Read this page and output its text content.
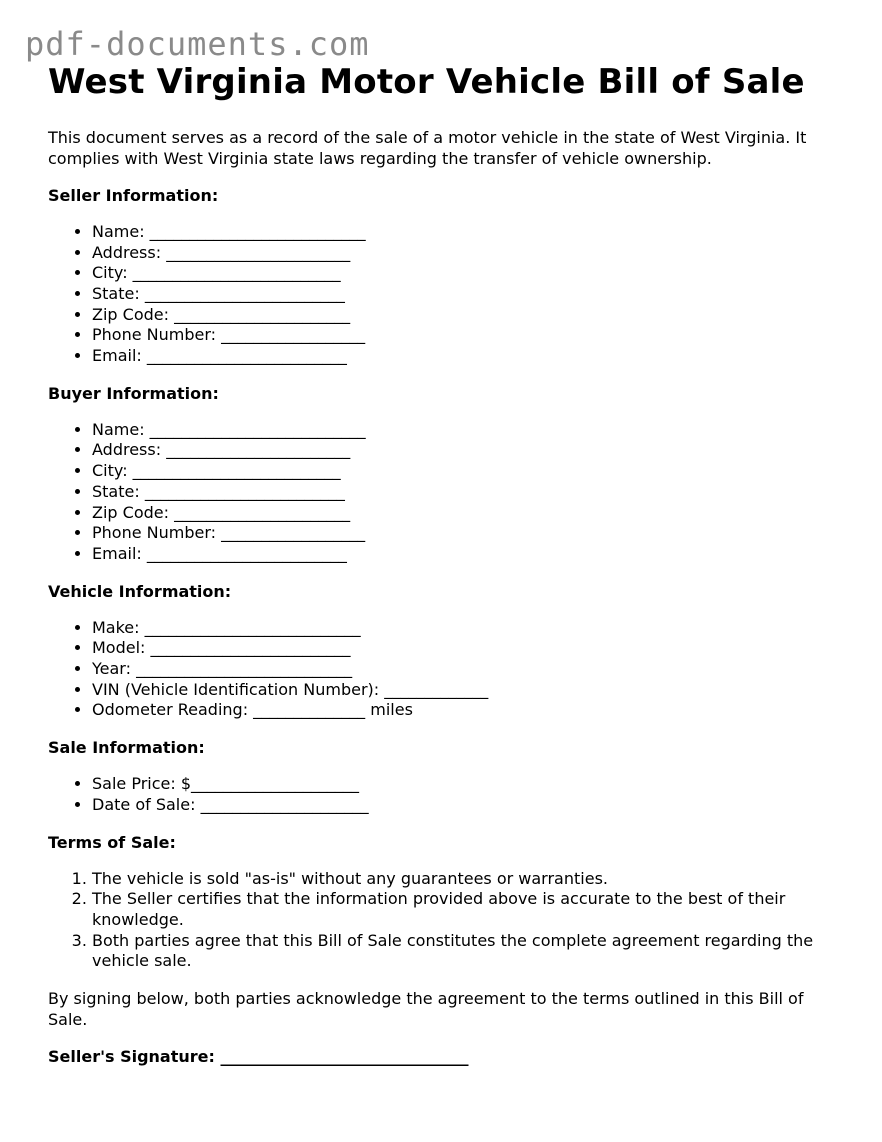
pdf-documents.com
West Virginia Motor Vehicle Bill of Sale

This document serves as a record of the sale of a motor vehicle in the state of West Virginia. It complies with West Virginia state laws regarding the transfer of vehicle ownership.

Seller Information:
• Name: ___________________________
• Address: _______________________
• City: __________________________
• State: _________________________
• Zip Code: ______________________
• Phone Number: __________________
• Email: _________________________
Buyer Information:
• Name: ___________________________
• Address: _______________________
• City: __________________________
• State: _________________________
• Zip Code: ______________________
• Phone Number: __________________
• Email: _________________________
Vehicle Information:
• Make: ___________________________
• Model: _________________________
• Year: ___________________________
• VIN (Vehicle Identification Number): _____________
• Odometer Reading: ______________ miles
Sale Information:
• Sale Price: $_____________________
• Date of Sale: _____________________
Terms of Sale:
1. The vehicle is sold "as-is" without any guarantees or warranties.
2. The Seller certifies that the information provided above is accurate to the best of their knowledge.
3. Both parties agree that this Bill of Sale constitutes the complete agreement regarding the vehicle sale.

By signing below, both parties acknowledge the agreement to the terms outlined in this Bill of Sale.

Seller's Signature: _______________________________
